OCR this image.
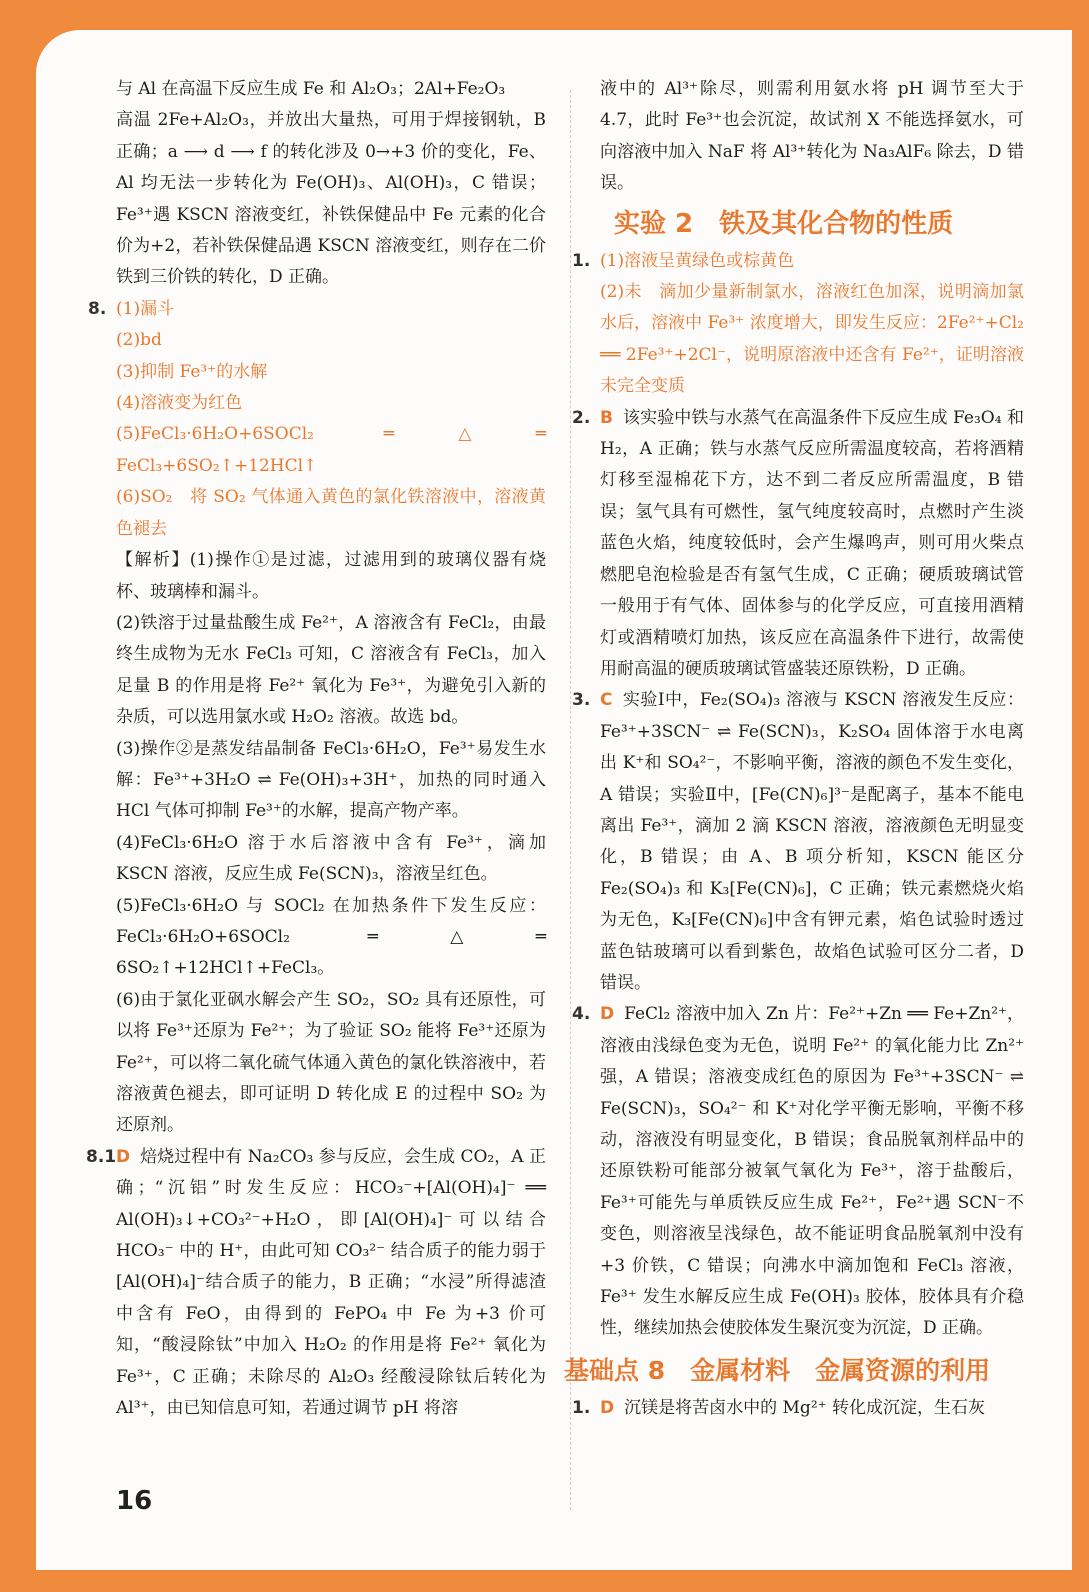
与 Al 在高温下反应生成 Fe 和 Al₂O₃；2Al+Fe₂O₃

高温 2Fe+Al₂O₃，并放出大量热，可用于焊接钢轨，B 正确；a ⟶ d ⟶ f 的转化涉及 0→+3 价的变化，Fe、Al 均无法一步转化为 Fe(OH)₃、Al(OH)₃，C 错误；Fe³⁺遇 KSCN 溶液变红，补铁保健品中 Fe 元素的化合价为+2，若补铁保健品遇 KSCN 溶液变红，则存在二价铁到三价铁的转化，D 正确。

8. (1)漏斗

(2)bd

(3)抑制 Fe³⁺的水解

(4)溶液变为红色

(5)FeCl₃·6H₂O+6SOCl₂ ═△═ FeCl₃+6SO₂↑+12HCl↑

(6)SO₂　将 SO₂ 气体通入黄色的氯化铁溶液中，溶液黄色褪去

【解析】(1)操作①是过滤，过滤用到的玻璃仪器有烧杯、玻璃棒和漏斗。

(2)铁溶于过量盐酸生成 Fe²⁺，A 溶液含有 FeCl₂，由最终生成物为无水 FeCl₃ 可知，C 溶液含有 FeCl₃，加入足量 B 的作用是将 Fe²⁺ 氧化为 Fe³⁺，为避免引入新的杂质，可以选用氯水或 H₂O₂ 溶液。故选 bd。

(3)操作②是蒸发结晶制备 FeCl₃·6H₂O，Fe³⁺易发生水解：Fe³⁺+3H₂O ⇌ Fe(OH)₃+3H⁺，加热的同时通入 HCl 气体可抑制 Fe³⁺的水解，提高产物产率。

(4)FeCl₃·6H₂O 溶于水后溶液中含有 Fe³⁺，滴加 KSCN 溶液，反应生成 Fe(SCN)₃，溶液呈红色。

(5)FeCl₃·6H₂O 与 SOCl₂ 在加热条件下发生反应：FeCl₃·6H₂O+6SOCl₂ ═△═ 6SO₂↑+12HCl↑+FeCl₃。

(6)由于氯化亚砜水解会产生 SO₂，SO₂ 具有还原性，可以将 Fe³⁺还原为 Fe²⁺；为了验证 SO₂ 能将 Fe³⁺还原为 Fe²⁺，可以将二氧化硫气体通入黄色的氯化铁溶液中，若溶液黄色褪去，即可证明 D 转化成 E 的过程中 SO₂ 为还原剂。

8.1D 焙烧过程中有 Na₂CO₃ 参与反应，会生成 CO₂，A 正确；“沉铝”时发生反应：HCO₃⁻+[Al(OH)₄]⁻ ══ Al(OH)₃↓+CO₃²⁻+H₂O，即[Al(OH)₄]⁻可以结合 HCO₃⁻ 中的 H⁺，由此可知 CO₃²⁻ 结合质子的能力弱于[Al(OH)₄]⁻结合质子的能力，B 正确；“水浸”所得滤渣中含有 FeO，由得到的 FePO₄ 中 Fe 为+3 价可知，“酸浸除钛”中加入 H₂O₂ 的作用是将 Fe²⁺ 氧化为 Fe³⁺，C 正确；未除尽的 Al₂O₃ 经酸浸除钛后转化为 Al³⁺，由已知信息可知，若通过调节 pH 将溶

液中的 Al³⁺除尽，则需利用氨水将 pH 调节至大于 4.7，此时 Fe³⁺也会沉淀，故试剂 X 不能选择氨水，可向溶液中加入 NaF 将 Al³⁺转化为 Na₃AlF₆ 除去，D 错误。

实验 2　铁及其化合物的性质

1. (1)溶液呈黄绿色或棕黄色

(2)未　滴加少量新制氯水，溶液红色加深，说明滴加氯水后，溶液中 Fe³⁺ 浓度增大，即发生反应：2Fe²⁺+Cl₂ ══ 2Fe³⁺+2Cl⁻，说明原溶液中还含有 Fe²⁺，证明溶液未完全变质

2. B 该实验中铁与水蒸气在高温条件下反应生成 Fe₃O₄ 和 H₂，A 正确；铁与水蒸气反应所需温度较高，若将酒精灯移至湿棉花下方，达不到二者反应所需温度，B 错误；氢气具有可燃性，氢气纯度较高时，点燃时产生淡蓝色火焰，纯度较低时，会产生爆鸣声，则可用火柴点燃肥皂泡检验是否有氢气生成，C 正确；硬质玻璃试管一般用于有气体、固体参与的化学反应，可直接用酒精灯或酒精喷灯加热，该反应在高温条件下进行，故需使用耐高温的硬质玻璃试管盛装还原铁粉，D 正确。

3. C 实验Ⅰ中，Fe₂(SO₄)₃ 溶液与 KSCN 溶液发生反应：Fe³⁺+3SCN⁻ ⇌ Fe(SCN)₃，K₂SO₄ 固体溶于水电离出 K⁺和 SO₄²⁻，不影响平衡，溶液的颜色不发生变化，A 错误；实验Ⅱ中，[Fe(CN)₆]³⁻是配离子，基本不能电离出 Fe³⁺，滴加 2 滴 KSCN 溶液，溶液颜色无明显变化，B 错误；由 A、B 项分析知，KSCN 能区分 Fe₂(SO₄)₃ 和 K₃[Fe(CN)₆]，C 正确；铁元素燃烧火焰为无色，K₃[Fe(CN)₆]中含有钾元素，焰色试验时透过蓝色钴玻璃可以看到紫色，故焰色试验可区分二者，D 错误。

4. D FeCl₂ 溶液中加入 Zn 片：Fe²⁺+Zn ══ Fe+Zn²⁺，溶液由浅绿色变为无色，说明 Fe²⁺ 的氧化能力比 Zn²⁺强，A 错误；溶液变成红色的原因为 Fe³⁺+3SCN⁻ ⇌ Fe(SCN)₃，SO₄²⁻ 和 K⁺对化学平衡无影响，平衡不移动，溶液没有明显变化，B 错误；食品脱氧剂样品中的还原铁粉可能部分被氧气氧化为 Fe³⁺，溶于盐酸后，Fe³⁺可能先与单质铁反应生成 Fe²⁺，Fe²⁺遇 SCN⁻不变色，则溶液呈浅绿色，故不能证明食品脱氧剂中没有+3 价铁，C 错误；向沸水中滴加饱和 FeCl₃ 溶液，Fe³⁺ 发生水解反应生成 Fe(OH)₃ 胶体，胶体具有介稳性，继续加热会使胶体发生聚沉变为沉淀，D 正确。

基础点 8　金属材料　金属资源的利用

1. D 沉镁是将苦卤水中的 Mg²⁺ 转化成沉淀，生石灰

16
